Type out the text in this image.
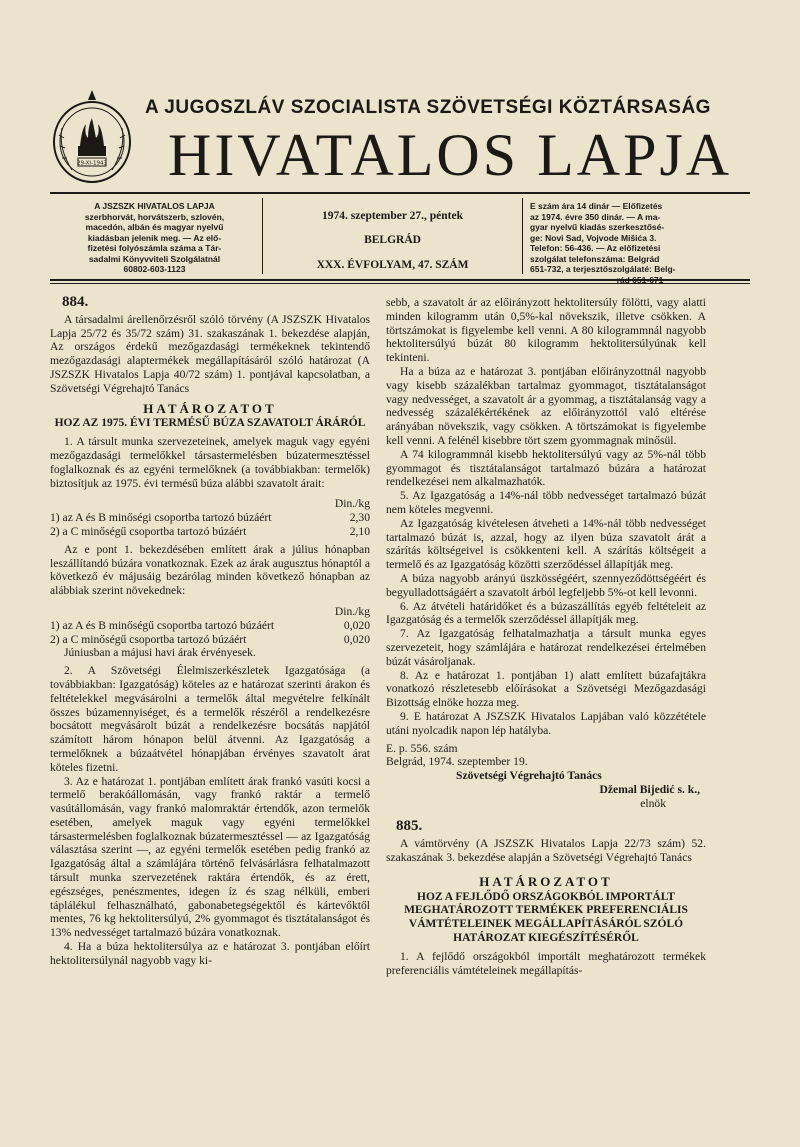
29-XI-1943
A JUGOSZLÁV SZOCIALISTA SZÖVETSÉGI KÖZTÁRSASÁG
HIVATALOS LAPJA
A JSZSZK HIVATALOS LAPJA
szerbhorvát, horvátszerb, szlovén,
macedón, albán és magyar nyelvű
kiadásban jelenik meg. — Az elő-
fizetési folyószámla száma a Tár-
sadalmi Könyvviteli Szolgálatnál
60802-603-1123
1974. szeptember 27., péntek
BELGRÁD
XXX. ÉVFOLYAM, 47. SZÁM
E szám ára 14 dinár — Előfizetés
az 1974. évre 350 dinár. — A ma-
gyar nyelvű kiadás szerkesztősé-
ge: Novi Sad, Vojvode Mišića 3.
Telefon: 56-436. — Az előfizetési
szolgálat telefonszáma: Belgrád
651-732, a terjesztőszolgálaté: Belg-

884.

A társadalmi árellenőrzésről szóló törvény (A JSZSZK Hivatalos Lapja 25/72 és 35/72 szám) 31. szakaszának 1. bekezdése alapján, Az országos érdekű mezőgazdasági termékeknek tekintendő mezőgazdasági alaptermékek megállapításáról szóló határozat (A JSZSZK Hivatalos Lapja 40/72 szám) 1. pontjával kapcsolatban, a Szövetségi Végrehajtó Tanács

HATÁROZATOT

HOZ AZ 1975. ÉVI TERMÉSŰ BÚZA SZAVATOLT ÁRÁRÓL

1. A társult munka szervezeteinek, amelyek maguk vagy egyéni mezőgazdasági termelőkkel társastermelésben búzatermesztéssel foglalkoznak és az egyéni termelőknek (a továbbiakban: termelők) biztosítjuk az 1975. évi termésű búza alábbi szavatolt árait:

Din./kg

1) az A és B minőségi csoportba tartozó búzáért	2,30
2) a C minőségű csoportba tartozó búzáért	2,10

Az e pont 1. bekezdésében említett árak a július hónapban leszállítandó búzára vonatkoznak. Ezek az árak augusztus hónaptól a következő év májusáig bezárólag minden következő hónapban az alábbiak szerint növekednek:

Din./kg

1) az A és B minőségű csoportba tartozó búzáért	0,020
2) a C minőségű csoportba tartozó búzáért	0,020

Júniusban a májusi havi árak érvényesek.

2. A Szövetségi Élelmiszerkészletek Igazgatósága (a továbbiakban: Igazgatóság) köteles az e határozat szerinti árakon és feltételekkel megvásárolni a termelők által megvételre felkínált összes búzamennyiséget, és a termelők részéről a rendelkezésre bocsátott megvásárolt búzát a rendelkezésre bocsátás napjától számított három hónapon belül átvenni. Az Igazgatóság a termelőknek a búzaátvétel hónapjában érvényes szavatolt árat köteles fizetni.

3. Az e határozat 1. pontjában említett árak frankó vasúti kocsi a termelő berakóállomásán, vagy frankó raktár a termelő vasútállomásán, vagy frankó malomraktár értendők, azon termelők esetében, amelyek maguk vagy egyéni termelőkkel társastermelésben foglalkoznak búzatermesztéssel — az Igazgatóság választása szerint —, az egyéni termelők esetében pedig frankó az Igazgatóság által a számlájára történő felvásárlásra felhatalmazott társult munka szervezetének raktára értendők, és az érett, egészséges, penészmentes, idegen íz és szag nélküli, emberi táplálékul felhasználható, gabonabetegségektől és kártevőktől mentes, 76 kg hektolitersúlyú, 2% gyommagot és tisztátalanságot és 13% nedvességet tartalmazó búzára vonatkoznak.

4. Ha a búza hektolitersúlya az e határozat 3. pontjában előírt hektolitersúlynál nagyobb vagy ki-

sebb, a szavatolt ár az előirányzott hektolitersúly fölötti, vagy alatti minden kilogramm után 0,5%-kal növekszik, illetve csökken. A törtszámokat is figyelembe kell venni. A 80 kilogrammnál nagyobb hektolitersúlyú búzát 80 kilogramm hektolitersúlyúnak kell tekinteni.

Ha a búza az e határozat 3. pontjában előirányzottnál nagyobb vagy kisebb százalékban tartalmaz gyommagot, tisztátalanságot vagy nedvességet, a szavatolt ár a gyommag, a tisztátalanság vagy a nedvesség százalékértékének az előirányzottól való eltérése arányában növekszik, vagy csökken. A törtszámokat is figyelembe kell venni. A felénél kisebbre tört szem gyommagnak minősül.

A 74 kilogrammnál kisebb hektolitersúlyú vagy az 5%-nál több gyommagot és tisztátalanságot tartalmazó búzára a határozat rendelkezései nem alkalmazhatók.

5. Az Igazgatóság a 14%-nál több nedvességet tartalmazó búzát nem köteles megvenni.

Az Igazgatóság kivételesen átveheti a 14%-nál több nedvességet tartalmazó búzát is, azzal, hogy az ilyen búza szavatolt árát a szárítás költségeivel is csökkenteni kell. A szárítás költségeit a termelő és az Igazgatóság közötti szerződéssel állapítják meg.

A búza nagyobb arányú üszkösségéért, szennyeződöttségéért és begyulladottságáért a szavatolt árból legfeljebb 5%-ot kell levonni.

6. Az átvételi határidőket és a búzaszállítás egyéb feltételeit az Igazgatóság és a termelők szerződéssel állapítják meg.

7. Az Igazgatóság felhatalmazhatja a társult munka egyes szervezeteit, hogy számlájára e határozat rendelkezései értelmében búzát vásároljanak.

8. Az e határozat 1. pontjában 1) alatt említett búzafajtákra vonatkozó részletesebb előírásokat a Szövetségi Mezőgazdasági Bizottság elnöke hozza meg.

9. E határozat A JSZSZK Hivatalos Lapjában való közzététele utáni nyolcadik napon lép hatályba.

E. p. 556. szám

Belgrád, 1974. szeptember 19.

Szövetségi Végrehajtó Tanács

Džemal Bijedić s. k.,

elnök

885.

A vámtörvény (A JSZSZK Hivatalos Lapja 22/73 szám) 52. szakaszának 3. bekezdése alapján a Szövetségi Végrehajtó Tanács

HATÁROZATOT

HOZ A FEJLŐDŐ ORSZÁGOKBÓL IMPORTÁLT MEGHATÁROZOTT TERMÉKEK PREFERENCIÁLIS VÁMTÉTELEINEK MEGÁLLAPÍTÁSÁRÓL SZÓLÓ HATÁROZAT KIEGÉSZÍTÉSÉRŐL

1. A fejlődő országokból importált meghatározott termékek preferenciális vámtételeinek megállapítás-
